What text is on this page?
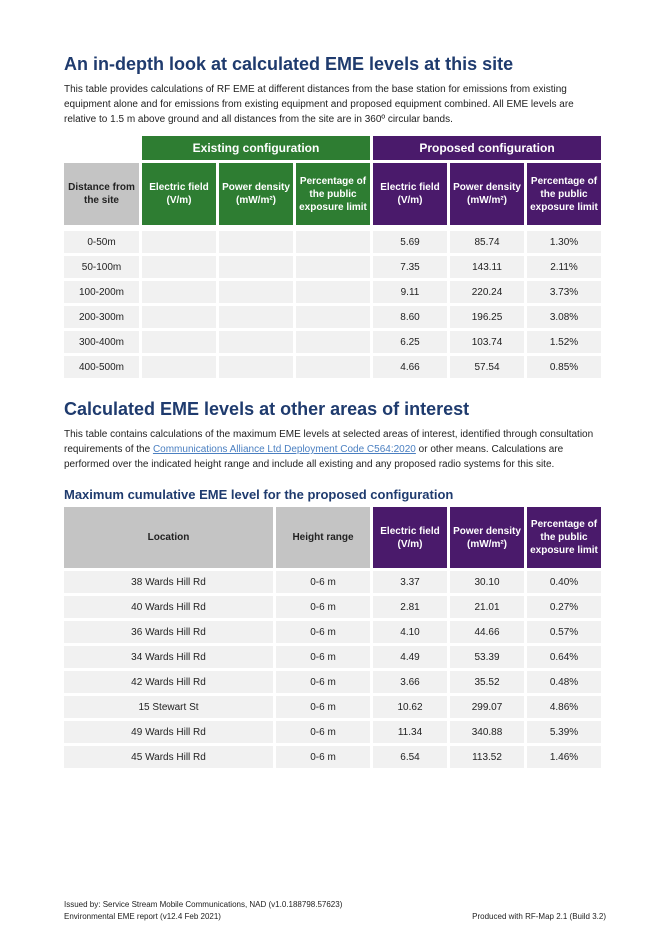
An in-depth look at calculated EME levels at this site

This table provides calculations of RF EME at different distances from the base station for emissions from existing equipment alone and for emissions from existing equipment and proposed equipment combined. All EME levels are relative to 1.5 m above ground and all distances from the site are in 360º circular bands.

	Existing configuration			Proposed configuration		
Distance from the site	Electric field (V/m)	Power density (mW/m²)	Percentage of the public exposure limit	Electric field (V/m)	Power density (mW/m²)	Percentage of the public exposure limit

0-50m				5.69	85.74	1.30%
50-100m				7.35	143.11	2.11%
100-200m				9.11	220.24	3.73%
200-300m				8.60	196.25	3.08%
300-400m				6.25	103.74	1.52%
400-500m				4.66	57.54	0.85%
Calculated EME levels at other areas of interest

This table contains calculations of the maximum EME levels at selected areas of interest, identified through consultation requirements of the Communications Alliance Ltd Deployment Code C564:2020 or other means. Calculations are performed over the indicated height range and include all existing and any proposed radio systems for this site.

Maximum cumulative EME level for the proposed configuration
Location	Height range	Electric field (V/m)	Power density (mW/m²)	Percentage of the public exposure limit
38 Wards Hill Rd	0-6 m	3.37	30.10	0.40%
40 Wards Hill Rd	0-6 m	2.81	21.01	0.27%
36 Wards Hill Rd	0-6 m	4.10	44.66	0.57%
34 Wards Hill Rd	0-6 m	4.49	53.39	0.64%
42 Wards Hill Rd	0-6 m	3.66	35.52	0.48%
15 Stewart St	0-6 m	10.62	299.07	4.86%
49 Wards Hill Rd	0-6 m	11.34	340.88	5.39%
45 Wards Hill Rd	0-6 m	6.54	113.52	1.46%
Issued by: Service Stream Mobile Communications, NAD (v1.0.188798.57623)
Environmental EME report (v12.4 Feb 2021)	Produced with RF-Map 2.1 (Build 3.2)
